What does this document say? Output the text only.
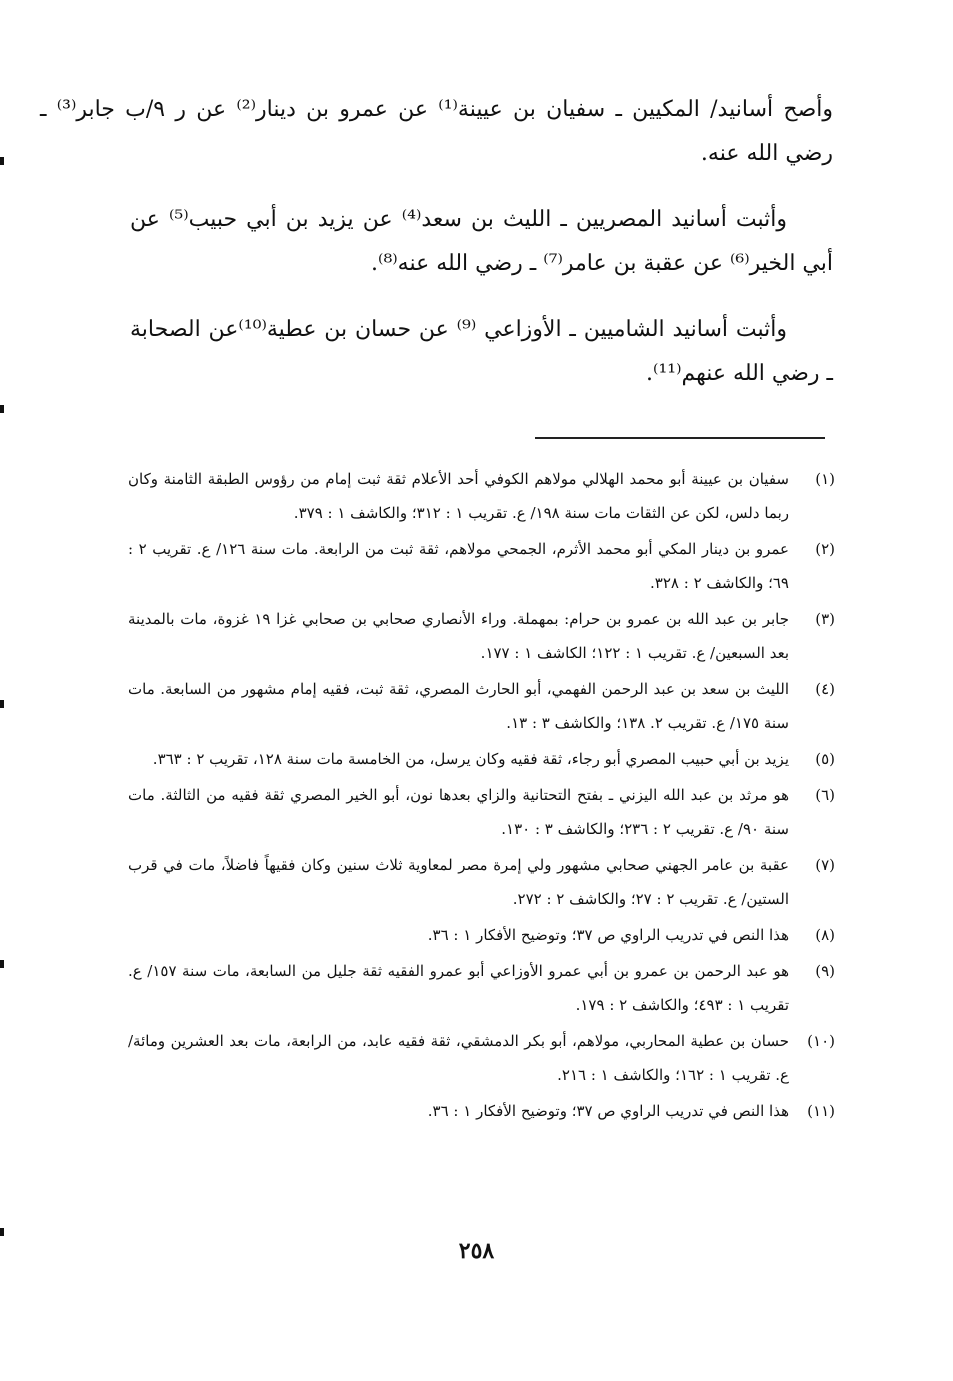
وأصح أسانيد/ المكيين ـ سفيان بن عيينة⁽¹⁾ عن عمرو بن دينار⁽²⁾ عن ر ٩/ب جابر⁽³⁾ ـ رضي الله عنه.

وأثبت أسانيد المصريين ـ الليث بن سعد⁽⁴⁾ عن يزيد بن أبي حبيب⁽⁵⁾ عن أبي الخير⁽⁶⁾ عن عقبة بن عامر⁽⁷⁾ ـ رضي الله عنه⁽⁸⁾.

وأثبت أسانيد الشاميين ـ الأوزاعي ⁽⁹⁾ عن حسان بن عطية⁽¹⁰⁾عن الصحابة ـ رضي الله عنهم⁽¹¹⁾.

(١)
سفيان بن عيينة أبو محمد الهلالي مولاهم الكوفي أحد الأعلام ثقة ثبت إمام من رؤوس الطبقة الثامنة وكان ربما دلس، لكن عن الثقات مات سنة ١٩٨/ ع. تقريب ١ : ٣١٢؛ والكاشف ١ : ٣٧٩.
(٢)
عمرو بن دينار المكي أبو محمد الأثرم، الجمحي مولاهم، ثقة ثبت من الرابعة. مات سنة ١٢٦/ ع. تقريب ٢ : ٦٩؛ والكاشف ٢ : ٣٢٨.
(٣)
جابر بن عبد الله بن عمرو بن حرام: بمهملة. وراء الأنصاري صحابي بن صحابي غزا ١٩ غزوة، مات بالمدينة بعد السبعين/ ع. تقريب ١ : ١٢٢؛ الكاشف ١ : ١٧٧.
(٤)
الليث بن سعد بن عبد الرحمن الفهمي، أبو الحارث المصري، ثقة ثبت، فقيه إمام مشهور من السابعة. مات سنة ١٧٥/ ع. تقريب ٢. ١٣٨؛ والكاشف ٣ : ١٣.
(٥)
يزيد بن أبي حبيب المصري أبو رجاء، ثقة فقيه وكان يرسل، من الخامسة مات سنة ١٢٨، تقريب ٢ : ٣٦٣.
(٦)
هو مرثد بن عبد الله اليزني ـ بفتح التحتانية والزاي بعدها نون، أبو الخير المصري ثقة فقيه من الثالثة. مات سنة ٩٠/ ع. تقريب ٢ : ٢٣٦؛ والكاشف ٣ : ١٣٠.
(٧)
عقبة بن عامر الجهني صحابي مشهور ولي إمرة مصر لمعاوية ثلاث سنين وكان فقيهاً فاضلاً، مات في قرب الستين/ ع. تقريب ٢ : ٢٧؛ والكاشف ٢ : ٢٧٢.
(٨)
هذا النص في تدريب الراوي ص ٣٧؛ وتوضيح الأفكار ١ : ٣٦.
(٩)
هو عبد الرحمن بن عمرو بن أبي عمرو الأوزاعي أبو عمرو الفقيه ثقة جليل من السابعة، مات سنة ١٥٧/ ع. تقريب ١ : ٤٩٣؛ والكاشف ٢ : ١٧٩.
(١٠)
حسان بن عطية المحاربي، مولاهم، أبو بكر الدمشقي، ثقة فقيه عابد، من الرابعة، مات بعد العشرين ومائة/ ع. تقريب ١ : ١٦٢؛ والكاشف ١ : ٢١٦.
(١١)
هذا النص في تدريب الراوي ص ٣٧؛ وتوضيح الأفكار ١ : ٣٦.
٢٥٨
